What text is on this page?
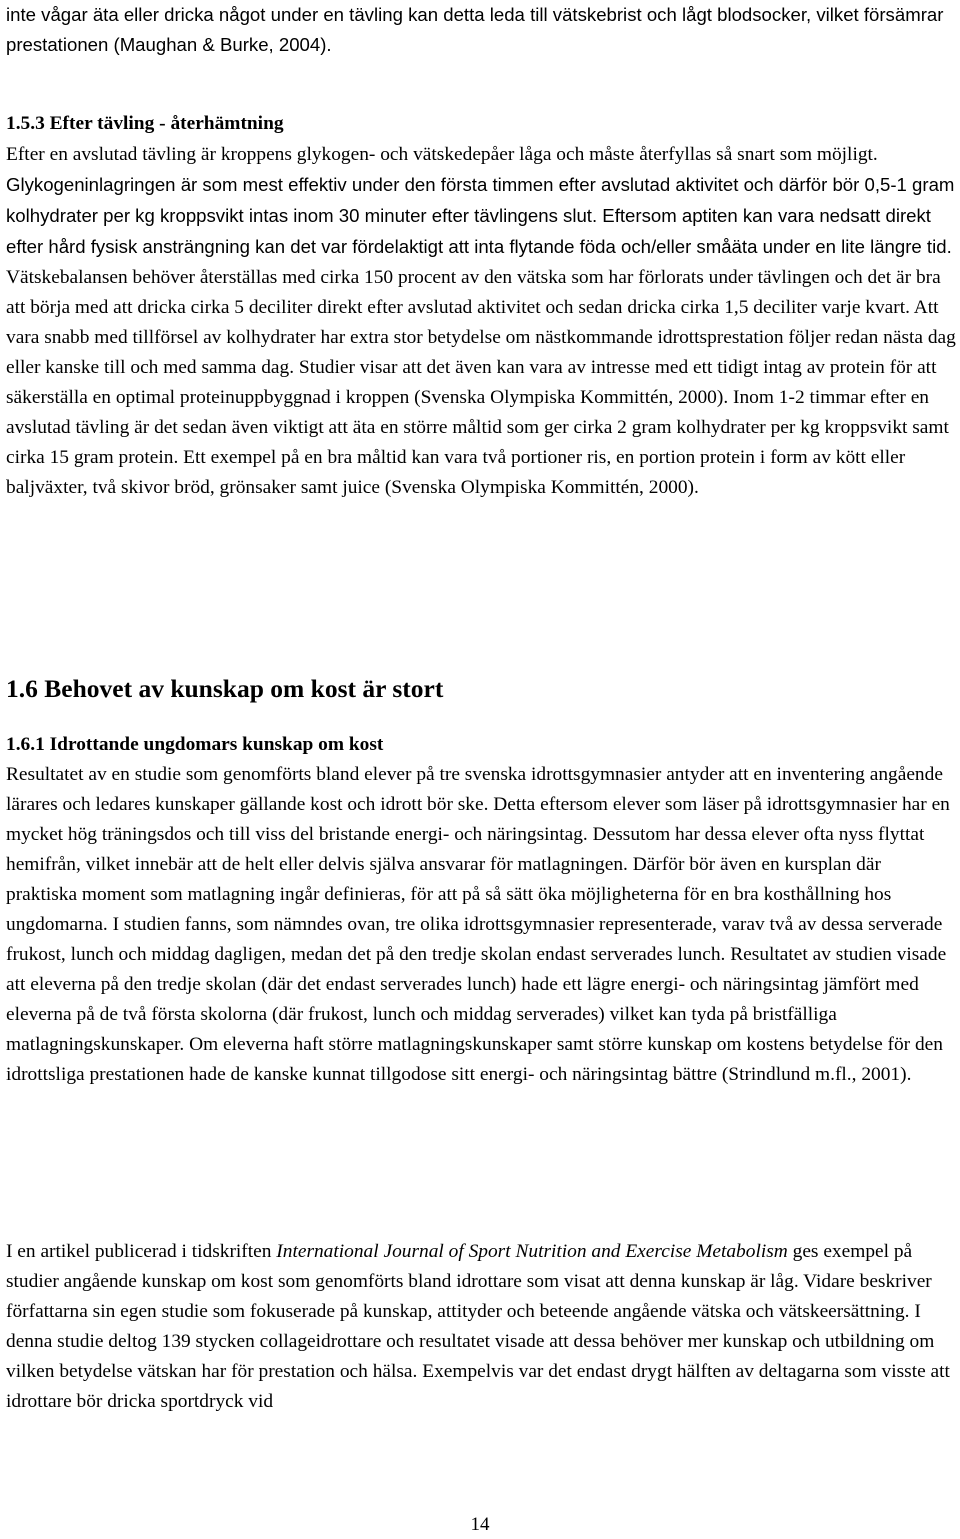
inte vågar äta eller dricka något under en tävling kan detta leda till vätskebrist och lågt blodsocker, vilket försämrar prestationen (Maughan & Burke, 2004).

1.5.3 Efter tävling - återhämtning

Efter en avslutad tävling är kroppens glykogen- och vätskedepåer låga och måste återfyllas så snart som möjligt. Glykogeninlagringen är som mest effektiv under den första timmen efter avslutad aktivitet och därför bör 0,5-1 gram kolhydrater per kg kroppsvikt intas inom 30 minuter efter tävlingens slut. Eftersom aptiten kan vara nedsatt direkt efter hård fysisk ansträngning kan det var fördelaktigt att inta flytande föda och/eller småäta under en lite längre tid. Vätskebalansen behöver återställas med cirka 150 procent av den vätska som har förlorats under tävlingen och det är bra att börja med att dricka cirka 5 deciliter direkt efter avslutad aktivitet och sedan dricka cirka 1,5 deciliter varje kvart. Att vara snabb med tillförsel av kolhydrater har extra stor betydelse om nästkommande idrottsprestation följer redan nästa dag eller kanske till och med samma dag. Studier visar att det även kan vara av intresse med ett tidigt intag av protein för att säkerställa en optimal proteinuppbyggnad i kroppen (Svenska Olympiska Kommittén, 2000). Inom 1-2 timmar efter en avslutad tävling är det sedan även viktigt att äta en större måltid som ger cirka 2 gram kolhydrater per kg kroppsvikt samt cirka 15 gram protein. Ett exempel på en bra måltid kan vara två portioner ris, en portion protein i form av kött eller baljväxter, två skivor bröd, grönsaker samt juice (Svenska Olympiska Kommittén, 2000).

1.6 Behovet av kunskap om kost är stort
1.6.1 Idrottande ungdomars kunskap om kost

Resultatet av en studie som genomförts bland elever på tre svenska idrottsgymnasier antyder att en inventering angående lärares och ledares kunskaper gällande kost och idrott bör ske. Detta eftersom elever som läser på idrottsgymnasier har en mycket hög träningsdos och till viss del bristande energi- och näringsintag. Dessutom har dessa elever ofta nyss flyttat hemifrån, vilket innebär att de helt eller delvis själva ansvarar för matlagningen. Därför bör även en kursplan där praktiska moment som matlagning ingår definieras, för att på så sätt öka möjligheterna för en bra kosthållning hos ungdomarna. I studien fanns, som nämndes ovan, tre olika idrottsgymnasier representerade, varav två av dessa serverade frukost, lunch och middag dagligen, medan det på den tredje skolan endast serverades lunch. Resultatet av studien visade att eleverna på den tredje skolan (där det endast serverades lunch) hade ett lägre energi- och näringsintag jämfört med eleverna på de två första skolorna (där frukost, lunch och middag serverades) vilket kan tyda på bristfälliga matlagningskunskaper. Om eleverna haft större matlagningskunskaper samt större kunskap om kostens betydelse för den idrottsliga prestationen hade de kanske kunnat tillgodose sitt energi- och näringsintag bättre (Strindlund m.fl., 2001).

I en artikel publicerad i tidskriften International Journal of Sport Nutrition and Exercise Metabolism ges exempel på studier angående kunskap om kost som genomförts bland idrottare som visat att denna kunskap är låg. Vidare beskriver författarna sin egen studie som fokuserade på kunskap, attityder och beteende angående vätska och vätskeersättning. I denna studie deltog 139 stycken collageidrottare och resultatet visade att dessa behöver mer kunskap och utbildning om vilken betydelse vätskan har för prestation och hälsa. Exempelvis var det endast drygt hälften av deltagarna som visste att idrottare bör dricka sportdryck vid

14
